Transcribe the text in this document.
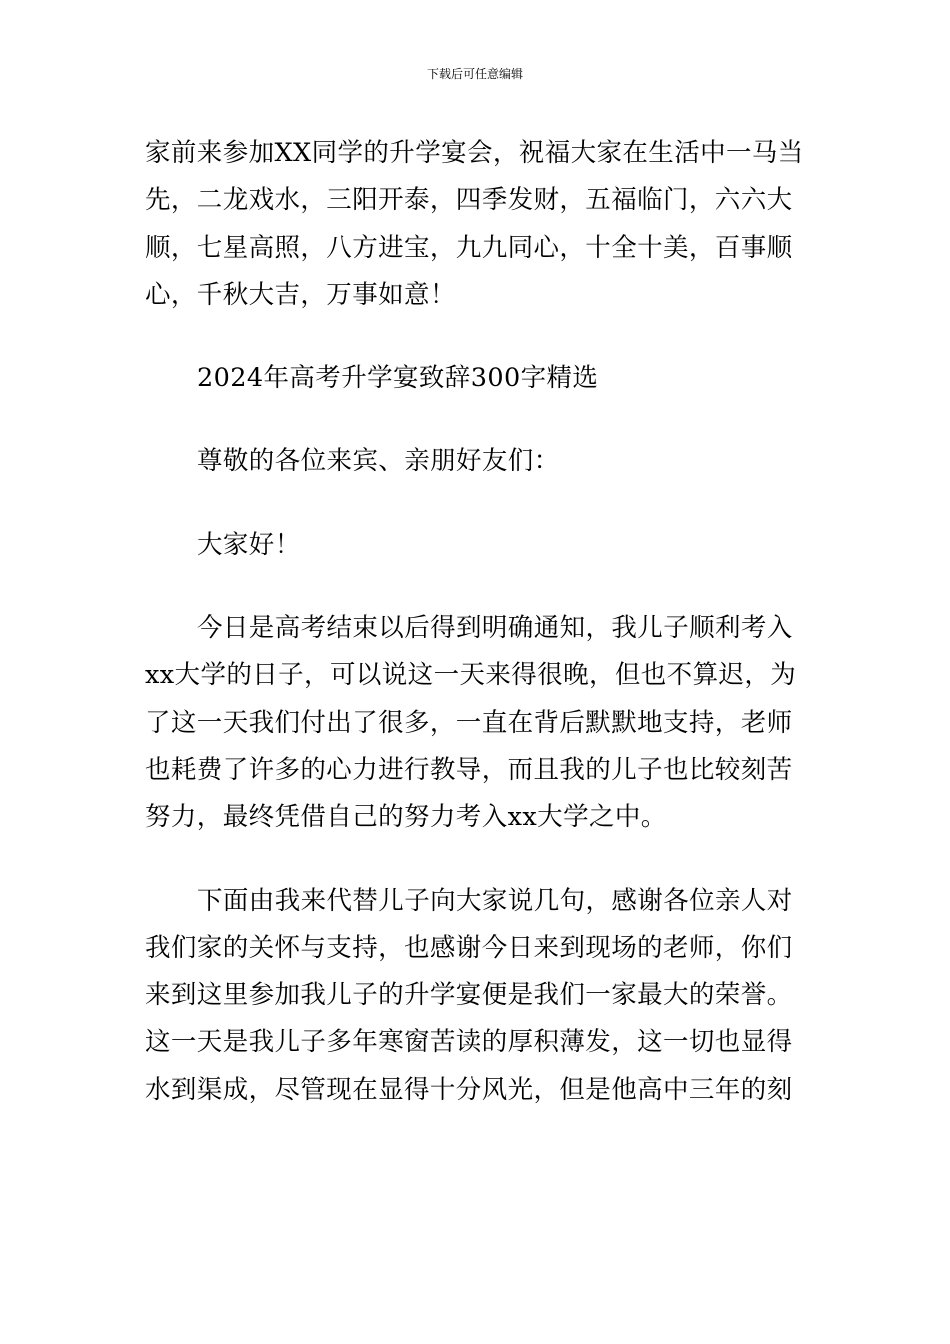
下载后可任意编辑
家前来参加XX同学的升学宴会，祝福大家在生活中一马当
先，二龙戏水，三阳开泰，四季发财，五福临门，六六大
顺，七星高照，八方进宝，九九同心，十全十美，百事顺
心，千秋大吉，万事如意！
2024年高考升学宴致辞300字精选
尊敬的各位来宾、亲朋好友们：
大家好！
今日是高考结束以后得到明确通知，我儿子顺利考入
xx大学的日子，可以说这一天来得很晚，但也不算迟，为
了这一天我们付出了很多，一直在背后默默地支持，老师
也耗费了许多的心力进行教导，而且我的儿子也比较刻苦
努力，最终凭借自己的努力考入xx大学之中。
下面由我来代替儿子向大家说几句，感谢各位亲人对
我们家的关怀与支持，也感谢今日来到现场的老师，你们
来到这里参加我儿子的升学宴便是我们一家最大的荣誉。
这一天是我儿子多年寒窗苦读的厚积薄发，这一切也显得
水到渠成，尽管现在显得十分风光，但是他高中三年的刻
